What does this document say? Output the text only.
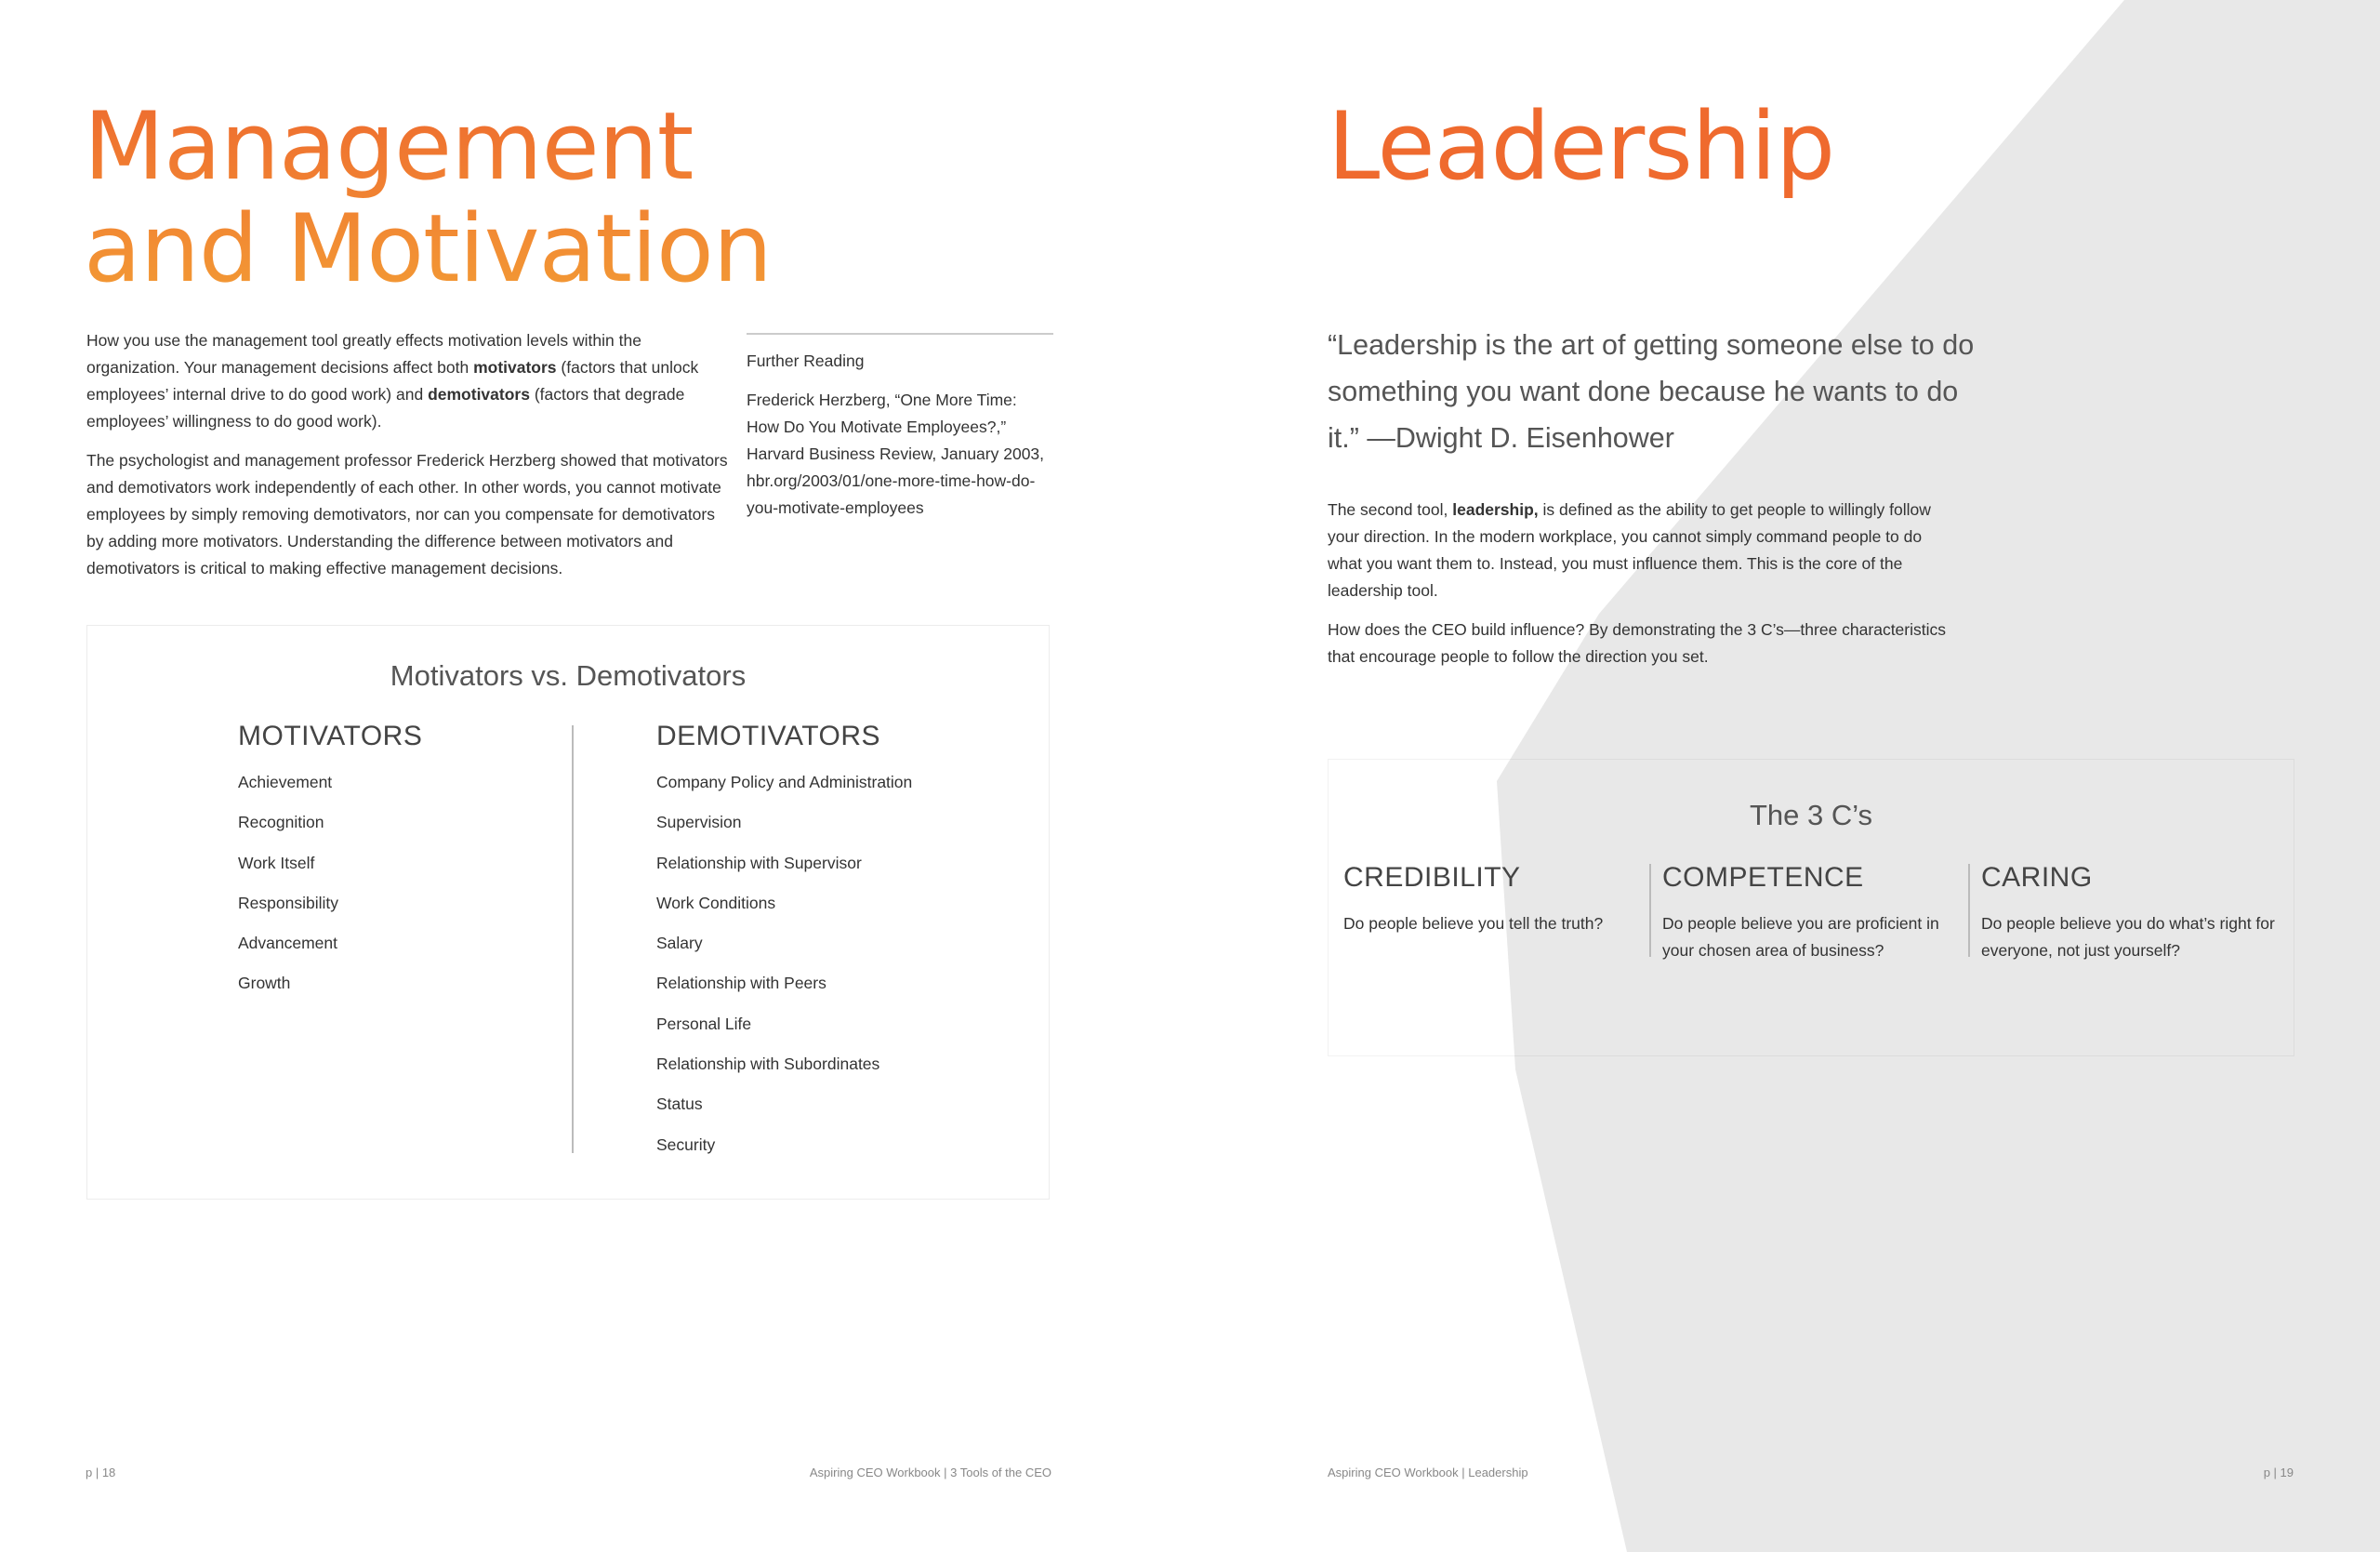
Management
and Motivation

How you use the management tool greatly effects motivation levels within the organization. Your management decisions affect both motivators (factors that unlock employees’ internal drive to do good work) and demotivators (factors that degrade employees’ willingness to do good work).

The psychologist and management professor Frederick Herzberg showed that motivators and demotivators work independently of each other. In other words, you cannot motivate employees by simply removing demotivators, nor can you compensate for demotivators by adding more motivators. Understanding the difference between motivators and demotivators is critical to making effective management decisions.

Further Reading

Frederick Herzberg, “One More Time: How Do You Motivate Employees?,” Harvard Business Review, January 2003, hbr.org/2003/01/one-more-time-how-do-you-motivate-employees

Motivators vs. Demotivators
MOTIVATORS
Achievement
Recognition
Work Itself
Responsibility
Advancement
Growth
DEMOTIVATORS
Company Policy and Administration
Supervision
Relationship with Supervisor
Work Conditions
Salary
Relationship with Peers
Personal Life
Relationship with Subordinates
Status
Security
p | 18	Aspiring CEO Workbook | 3 Tools of the CEO
Leadership
“Leadership is the art of getting someone else to do something you want done because he wants to do it.” —Dwight D. Eisenhower

The second tool, leadership, is defined as the ability to get people to willingly follow your direction. In the modern workplace, you cannot simply command people to do what you want them to. Instead, you must influence them. This is the core of the leadership tool.

How does the CEO build influence? By demonstrating the 3 C’s—three characteristics that encourage people to follow the direction you set.

The 3 C’s
CREDIBILITY

Do people believe you tell the truth?

COMPETENCE

Do people believe you are proficient in your chosen area of business?

CARING

Do people believe you do what’s right for everyone, not just yourself?

Aspiring CEO Workbook | Leadership	p | 19
